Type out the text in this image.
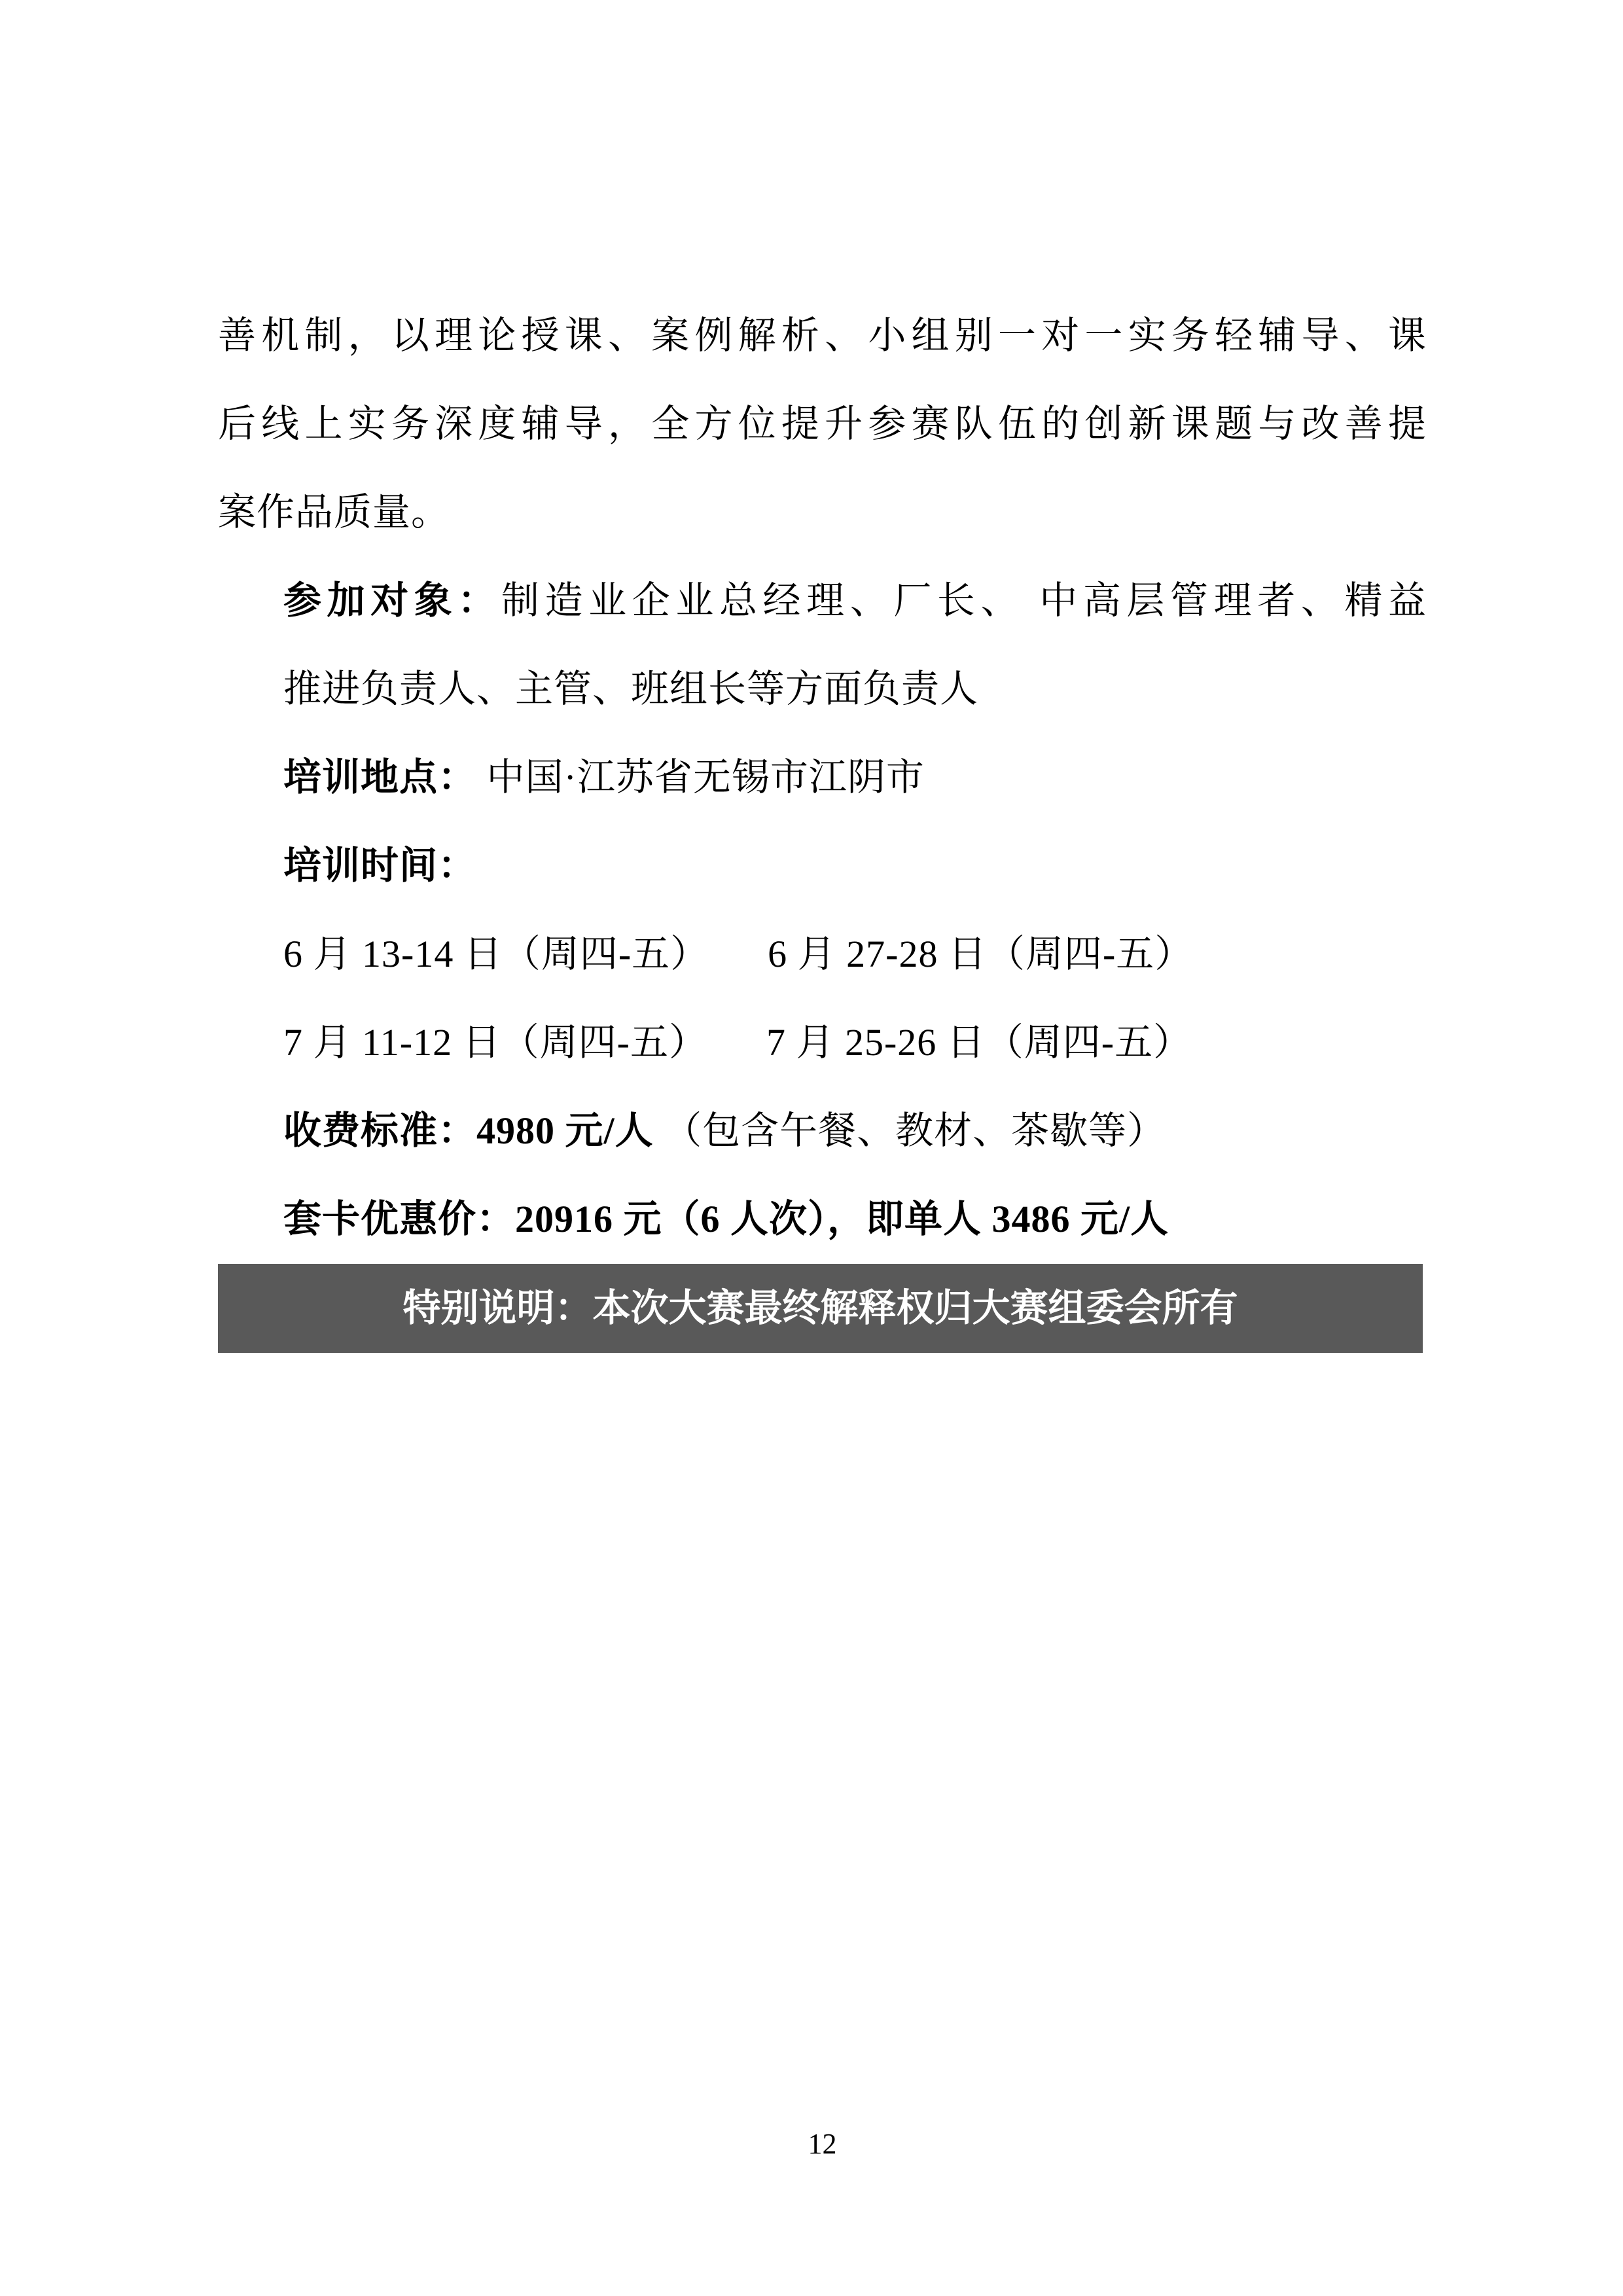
善机制，以理论授课、案例解析、小组别一对一实务轻辅导、课
后线上实务深度辅导，全方位提升参赛队伍的创新课题与改善提
案作品质量。
参加对象：制造业企业总经理、厂长、 中高层管理者、精益
推进负责人、主管、班组长等方面负责人
培训地点： 中国·江苏省无锡市江阴市
培训时间：
6 月 13-14 日（周四-五） 6 月 27-28 日（周四-五）
7 月 11-12 日（周四-五） 7 月 25-26 日（周四-五）
收费标准：4980 元/人 （包含午餐、教材、茶歇等）
套卡优惠价：20916 元（6 人次），即单人 3486 元/人
特别说明：本次大赛最终解释权归大赛组委会所有
12
